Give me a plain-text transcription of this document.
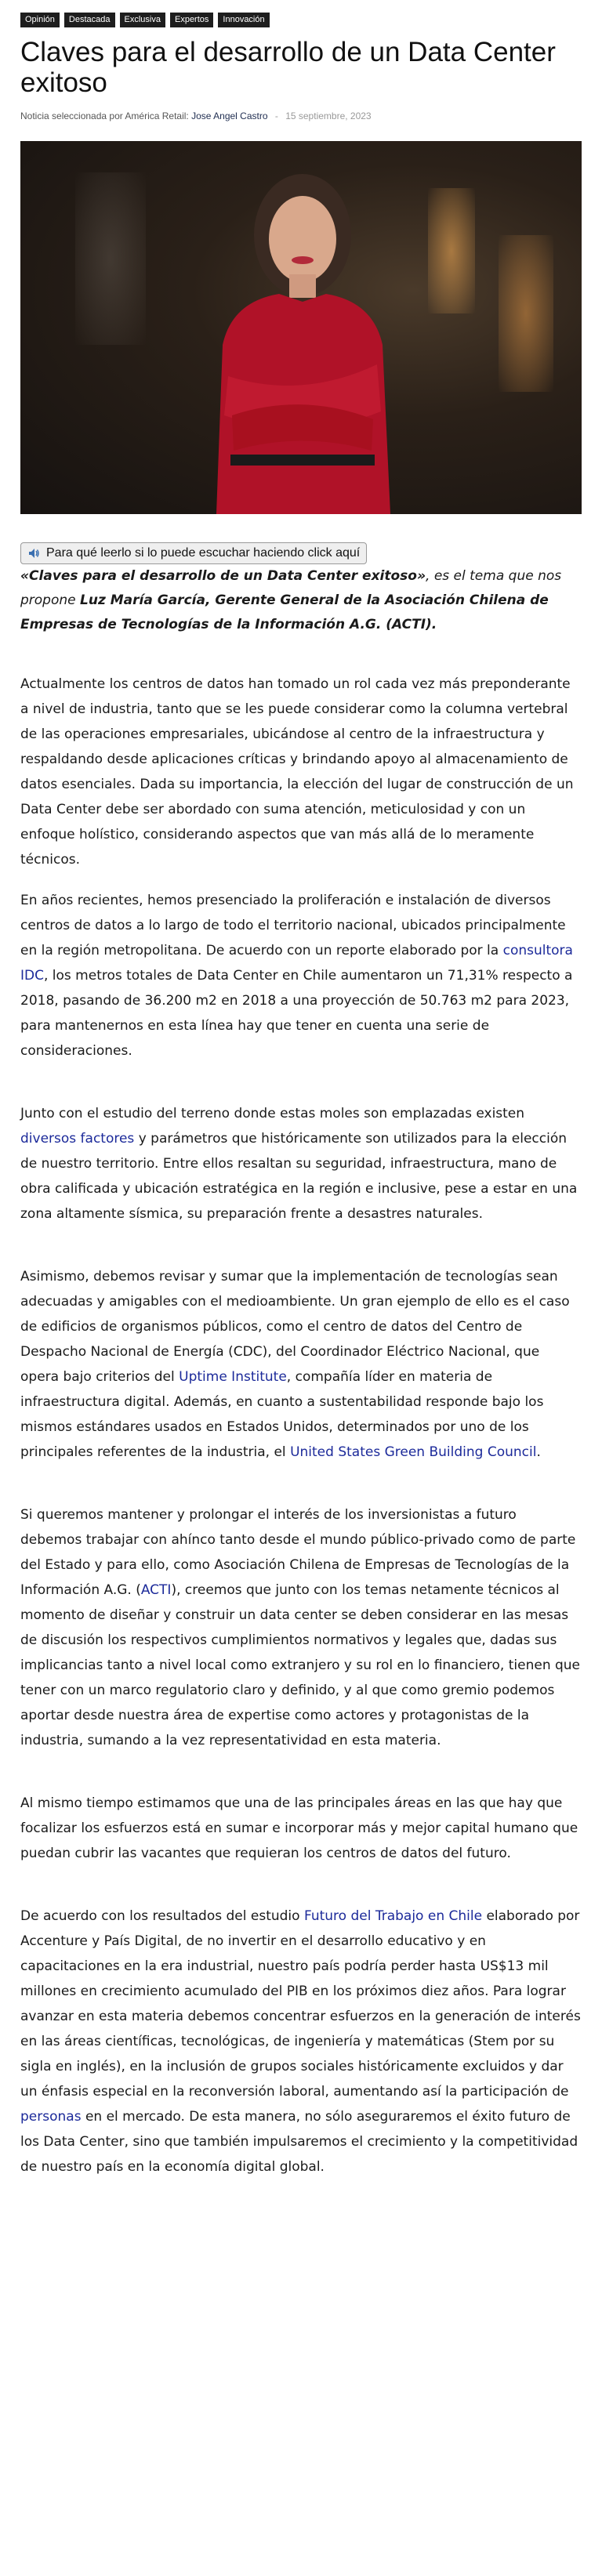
Opinión	Destacada	Exclusiva	Expertos	Innovación
Claves para el desarrollo de un Data Center exitoso
Noticia seleccionada por América Retail: Jose Angel Castro - 15 septiembre, 2023
Para qué leerlo si lo puede escuchar haciendo click aquí

«Claves para el desarrollo de un Data Center exitoso», es el tema que nos propone Luz María García, Gerente General de la Asociación Chilena de Empresas de Tecnologías de la Información A.G. (ACTI).

Actualmente los centros de datos han tomado un rol cada vez más preponderante a nivel de industria, tanto que se les puede considerar como la columna vertebral de las operaciones empresariales, ubicándose al centro de la infraestructura y respaldando desde aplicaciones críticas y brindando apoyo al almacenamiento de datos esenciales. Dada su importancia, la elección del lugar de construcción de un Data Center debe ser abordado con suma atención, meticulosidad y con un enfoque holístico, considerando aspectos que van más allá de lo meramente técnicos.

En años recientes, hemos presenciado la proliferación e instalación de diversos centros de datos a lo largo de todo el territorio nacional, ubicados principalmente en la región metropolitana. De acuerdo con un reporte elaborado por la consultora IDC, los metros totales de Data Center en Chile aumentaron un 71,31% respecto a 2018, pasando de 36.200 m2 en 2018 a una proyección de 50.763 m2 para 2023, para mantenernos en esta línea hay que tener en cuenta una serie de consideraciones.

Junto con el estudio del terreno donde estas moles son emplazadas existen diversos factores y parámetros que históricamente son utilizados para la elección de nuestro territorio. Entre ellos resaltan su seguridad, infraestructura, mano de obra calificada y ubicación estratégica en la región e inclusive, pese a estar en una zona altamente sísmica, su preparación frente a desastres naturales.

Asimismo, debemos revisar y sumar que la implementación de tecnologías sean adecuadas y amigables con el medioambiente. Un gran ejemplo de ello es el caso de edificios de organismos públicos, como el centro de datos del Centro de Despacho Nacional de Energía (CDC), del Coordinador Eléctrico Nacional, que opera bajo criterios del Uptime Institute, compañía líder en materia de infraestructura digital. Además, en cuanto a sustentabilidad responde bajo los mismos estándares usados en Estados Unidos, determinados por uno de los principales referentes de la industria, el United States Green Building Council.

Si queremos mantener y prolongar el interés de los inversionistas a futuro debemos trabajar con ahínco tanto desde el mundo público-privado como de parte del Estado y para ello, como Asociación Chilena de Empresas de Tecnologías de la Información A.G. (ACTI), creemos que junto con los temas netamente técnicos al momento de diseñar y construir un data center se deben considerar en las mesas de discusión los respectivos cumplimientos normativos y legales que, dadas sus implicancias tanto a nivel local como extranjero y su rol en lo financiero, tienen que tener con un marco regulatorio claro y definido, y al que como gremio podemos aportar desde nuestra área de expertise como actores y protagonistas de la industria, sumando a la vez representatividad en esta materia.

Al mismo tiempo estimamos que una de las principales áreas en las que hay que focalizar los esfuerzos está en sumar e incorporar más y mejor capital humano que puedan cubrir las vacantes que requieran los centros de datos del futuro.

De acuerdo con los resultados del estudio Futuro del Trabajo en Chile elaborado por Accenture y País Digital, de no invertir en el desarrollo educativo y en capacitaciones en la era industrial, nuestro país podría perder hasta US$13 mil millones en crecimiento acumulado del PIB en los próximos diez años. Para lograr avanzar en esta materia debemos concentrar esfuerzos en la generación de interés en las áreas científicas, tecnológicas, de ingeniería y matemáticas (Stem por su sigla en inglés), en la inclusión de grupos sociales históricamente excluidos y dar un énfasis especial en la reconversión laboral, aumentando así la participación de personas en el mercado. De esta manera, no sólo aseguraremos el éxito futuro de los Data Center, sino que también impulsaremos el crecimiento y la competitividad de nuestro país en la economía digital global.
